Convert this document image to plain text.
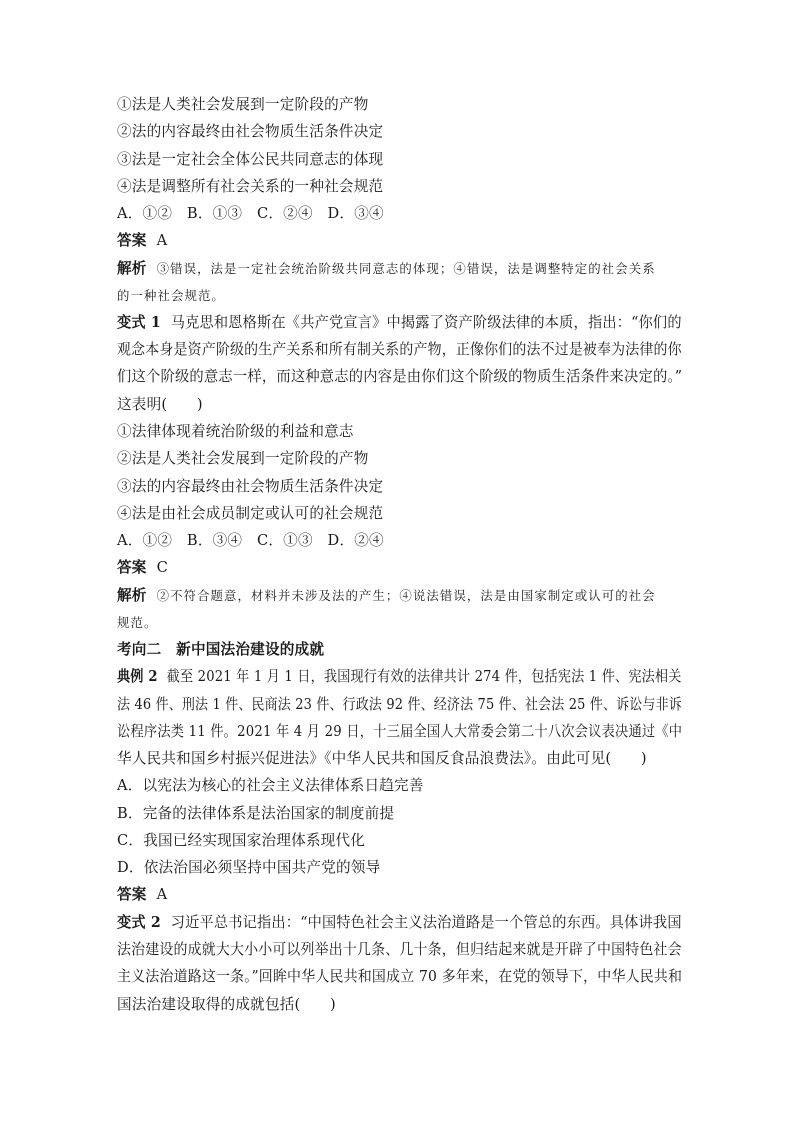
①法是人类社会发展到一定阶段的产物
②法的内容最终由社会物质生活条件决定
③法是一定社会全体公民共同意志的体现
④法是调整所有社会关系的一种社会规范
A．①②　B．①③　C．②④　D．③④
答案 A
解析 ③错误，法是一定社会统治阶级共同意志的体现；④错误，法是调整特定的社会关系
的一种社会规范。
变式 1 马克思和恩格斯在《共产党宣言》中揭露了资产阶级法律的本质，指出：“你们的
观念本身是资产阶级的生产关系和所有制关系的产物，正像你们的法不过是被奉为法律的你
们这个阶级的意志一样，而这种意志的内容是由你们这个阶级的物质生活条件来决定的。”
这表明(　　)
①法律体现着统治阶级的利益和意志
②法是人类社会发展到一定阶段的产物
③法的内容最终由社会物质生活条件决定
④法是由社会成员制定或认可的社会规范
A．①②　B．③④　C．①③　D．②④
答案 C
解析 ②不符合题意，材料并未涉及法的产生；④说法错误，法是由国家制定或认可的社会
规范。
考向二　新中国法治建设的成就
典例 2 截至 2021 年 1 月 1 日，我国现行有效的法律共计 274 件，包括宪法 1 件、宪法相关
法 46 件、刑法 1 件、民商法 23 件、行政法 92 件、经济法 75 件、社会法 25 件、诉讼与非诉
讼程序法类 11 件。2021 年 4 月 29 日，十三届全国人大常委会第二十八次会议表决通过《中
华人民共和国乡村振兴促进法》《中华人民共和国反食品浪费法》。由此可见(　　)
A．以宪法为核心的社会主义法律体系日趋完善
B．完备的法律体系是法治国家的制度前提
C．我国已经实现国家治理体系现代化
D．依法治国必须坚持中国共产党的领导
答案 A
变式 2 习近平总书记指出：“中国特色社会主义法治道路是一个管总的东西。具体讲我国
法治建设的成就大大小小可以列举出十几条、几十条，但归结起来就是开辟了中国特色社会
主义法治道路这一条。”回眸中华人民共和国成立 70 多年来，在党的领导下，中华人民共和
国法治建设取得的成就包括(　　)
